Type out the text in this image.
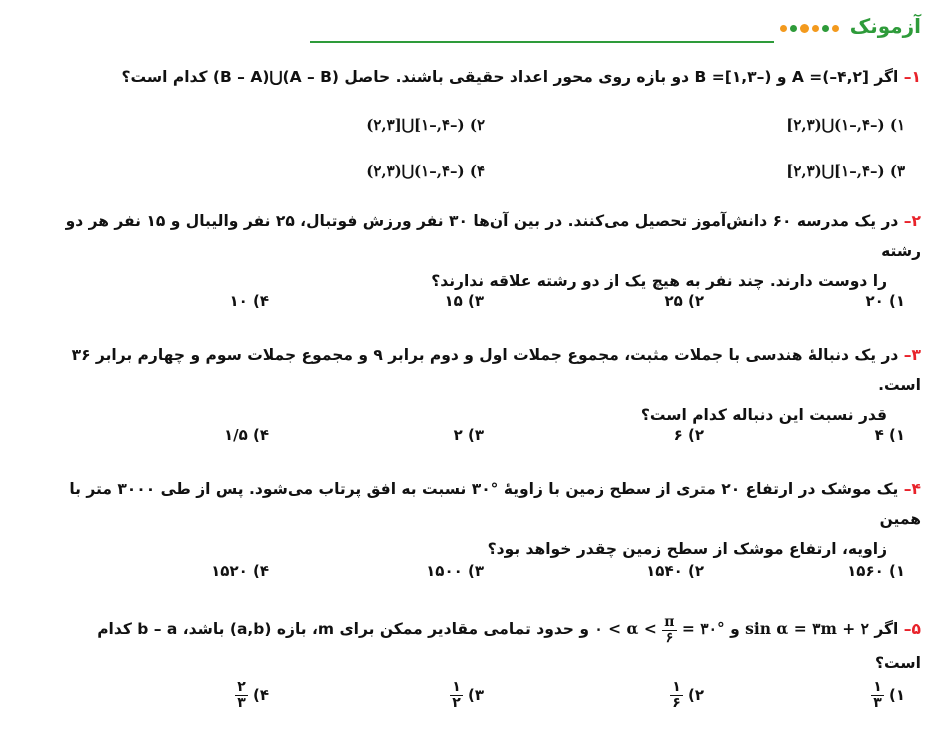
آزمونک
۱– اگر [۴,۲–)= A و (–۱,۳]= B دو بازه روی محور اعداد حقیقی باشند. حاصل (A – B)⋃(B – A) کدام است؟
۱) (–۴,–۱)⋃(۲,۳]
۲) (–۴,–۱]⋃[۲,۳)
۳) (–۴,–۱]⋃(۲,۳]
۴) (–۴,–۱)⋃(۲,۳)
۲– در یک مدرسه ۶۰ دانش‌آموز تحصیل می‌کنند. در بین آن‌ها ۳۰ نفر ورزش فوتبال، ۲۵ نفر والیبال و ۱۵ نفر هر دو رشته
را دوست دارند. چند نفر به هیچ یک از دو رشته علاقه ندارند؟
۱) ۲۰
۲) ۲۵
۳) ۱۵
۴) ۱۰
۳– در یک دنبالهٔ هندسی با جملات مثبت، مجموع جملات اول و دوم برابر ۹ و مجموع جملات سوم و چهارم برابر ۳۶ است.
قدر نسبت این دنباله کدام است؟
۱) ۴
۲) ۶
۳) ۲
۴) ۱/۵
۴– یک موشک در ارتفاع ۲۰ متری از سطح زمین با زاویهٔ °۳۰ نسبت به افق پرتاب می‌شود. پس از طی ۳۰۰۰ متر با همین
زاویه، ارتفاع موشک از سطح زمین چقدر خواهد بود؟
۱) ۱۵۶۰
۲) ۱۵۴۰
۳) ۱۵۰۰
۴) ۱۵۲۰
۵– اگر sin α = ۳m + ۲ و ۰ < $\alpha < \frac{\pi}{۶}$ = ۳۰° و حدود تمامی مقادیر ممکن برای m، بازه (a,b) باشد، b – a کدام است؟
۱)
$\frac{۱}{۳}$
۲)
$\frac{۱}{۶}$
۳)
$\frac{۱}{۲}$
۴)
$\frac{۲}{۳}$
